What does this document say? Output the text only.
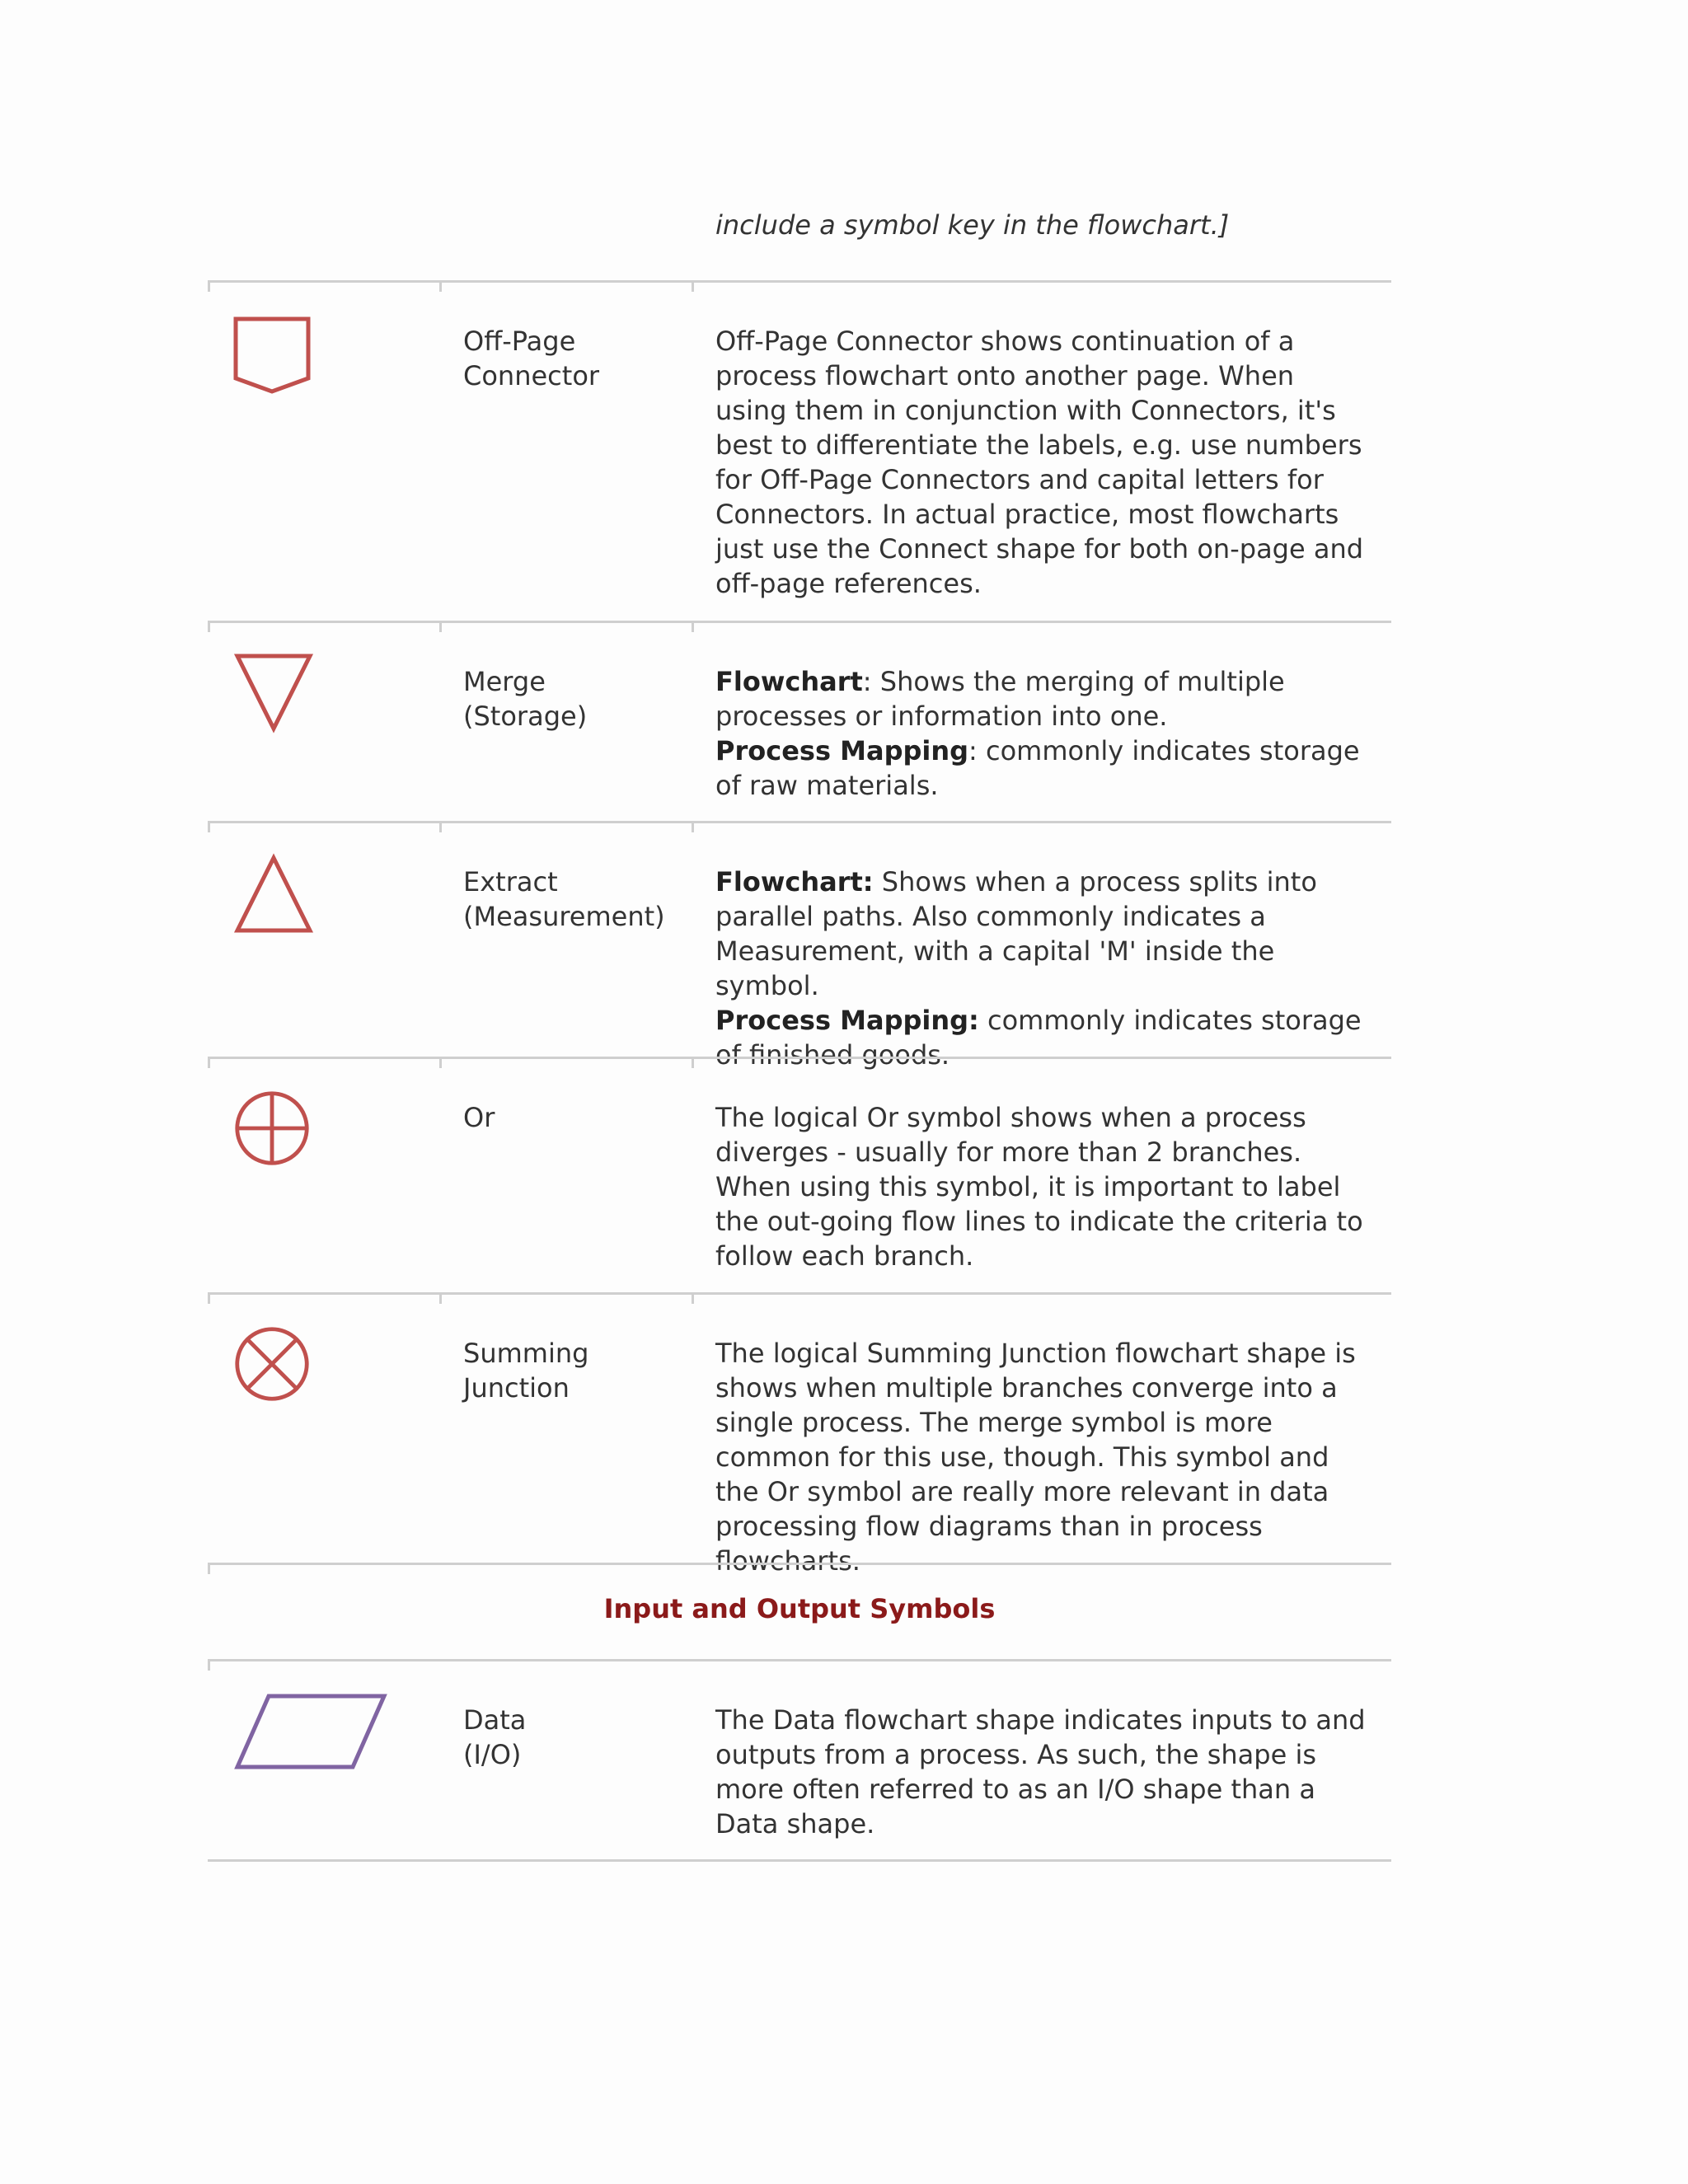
include a symbol key in the flowchart.]
Off-Page
Connector
Off-Page Connector shows continuation of a process flowchart onto another page. When using them in conjunction with Connectors, it's best to differentiate the labels, e.g. use numbers for Off-Page Connectors and capital letters for Connectors. In actual practice, most flowcharts just use the Connect shape for both on-page and off-page references.
Merge
(Storage)
Flowchart: Shows the merging of multiple processes or information into one.
Process Mapping: commonly indicates storage of raw materials.
Extract
(Measurement)
Flowchart: Shows when a process splits into parallel paths. Also commonly indicates a Measurement, with a capital 'M' inside the symbol.
Process Mapping: commonly indicates storage of finished goods.
Or	The logical Or symbol shows when a process diverges - usually for more than 2 branches. When using this symbol, it is important to label the out-going flow lines to indicate the criteria to follow each branch.
Summing
Junction
The logical Summing Junction flowchart shape is shows when multiple branches converge into a single process. The merge symbol is more common for this use, though. This symbol and the Or symbol are really more relevant in data processing flow diagrams than in process flowcharts.
Input and Output Symbols
Data
(I/O)
The Data flowchart shape indicates inputs to and outputs from a process. As such, the shape is more often referred to as an I/O shape than a Data shape.
